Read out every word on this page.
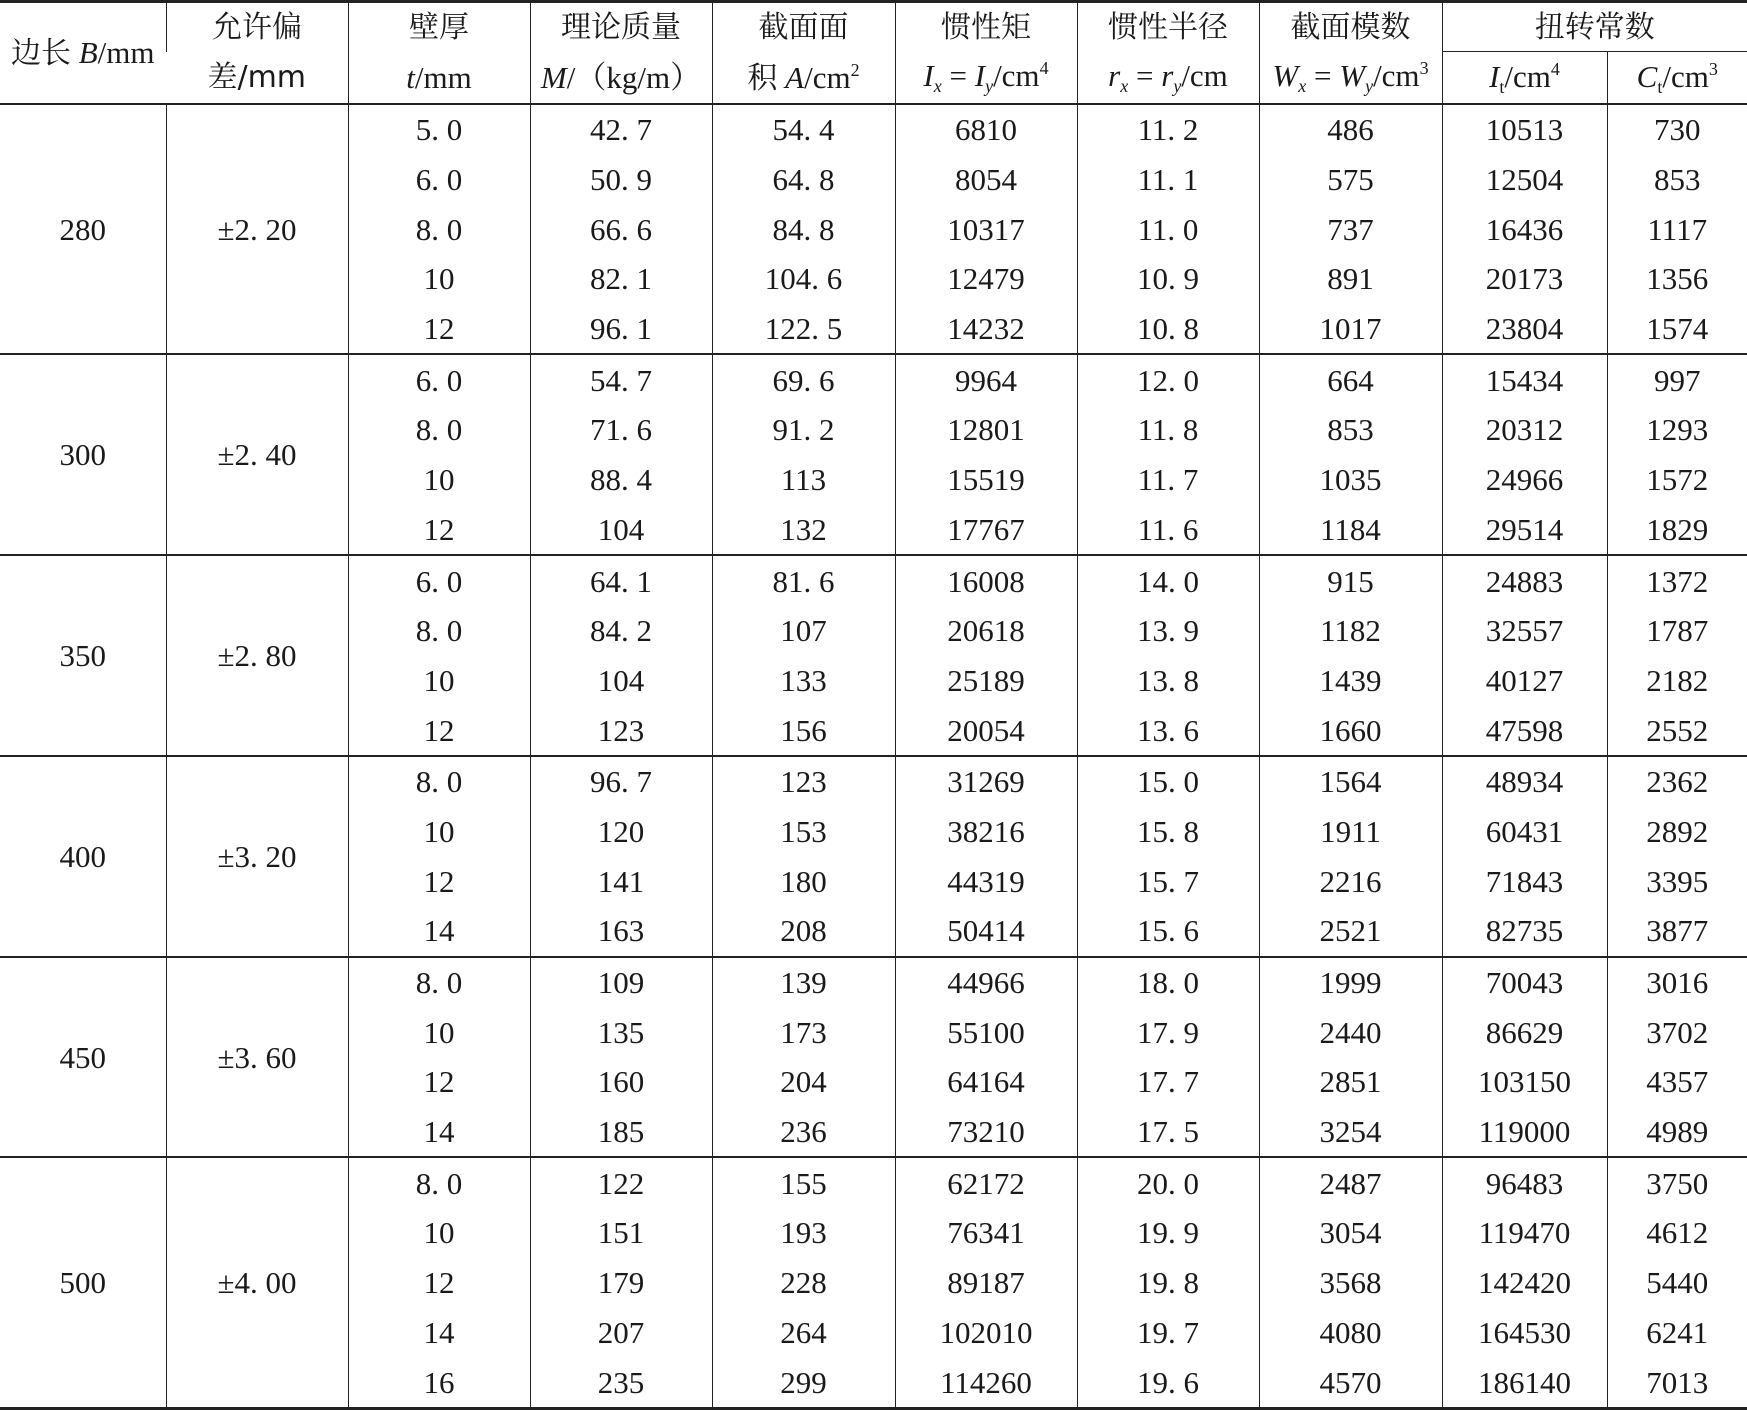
边长 B/mm	允许偏	壁厚	理论质量	截面面	惯性矩	惯性半径	截面模数	扭转常数	
	差/mm	t/mm	M/（kg/m）	积 $A/cm^2$	$I_x = I_y/cm^4$	$r_x = r_y/cm$	$W_x = W_y/cm^3$	$I_t/cm^4$	$C_t/cm^3$
280	±2. 20	5. 0	42. 7	54. 4	6810	11. 2	486	10513	730
		6. 0	50. 9	64. 8	8054	11. 1	575	12504	853
		8. 0	66. 6	84. 8	10317	11. 0	737	16436	1117
		10	82. 1	104. 6	12479	10. 9	891	20173	1356
		12	96. 1	122. 5	14232	10. 8	1017	23804	1574
300	±2. 40	6. 0	54. 7	69. 6	9964	12. 0	664	15434	997
		8. 0	71. 6	91. 2	12801	11. 8	853	20312	1293
		10	88. 4	113	15519	11. 7	1035	24966	1572
		12	104	132	17767	11. 6	1184	29514	1829
350	±2. 80	6. 0	64. 1	81. 6	16008	14. 0	915	24883	1372
		8. 0	84. 2	107	20618	13. 9	1182	32557	1787
		10	104	133	25189	13. 8	1439	40127	2182
		12	123	156	20054	13. 6	1660	47598	2552
400	±3. 20	8. 0	96. 7	123	31269	15. 0	1564	48934	2362
		10	120	153	38216	15. 8	1911	60431	2892
		12	141	180	44319	15. 7	2216	71843	3395
		14	163	208	50414	15. 6	2521	82735	3877
450	±3. 60	8. 0	109	139	44966	18. 0	1999	70043	3016
		10	135	173	55100	17. 9	2440	86629	3702
		12	160	204	64164	17. 7	2851	103150	4357
		14	185	236	73210	17. 5	3254	119000	4989
500	±4. 00	8. 0	122	155	62172	20. 0	2487	96483	3750
		10	151	193	76341	19. 9	3054	119470	4612
		12	179	228	89187	19. 8	3568	142420	5440
		14	207	264	102010	19. 7	4080	164530	6241
		16	235	299	114260	19. 6	4570	186140	7013
